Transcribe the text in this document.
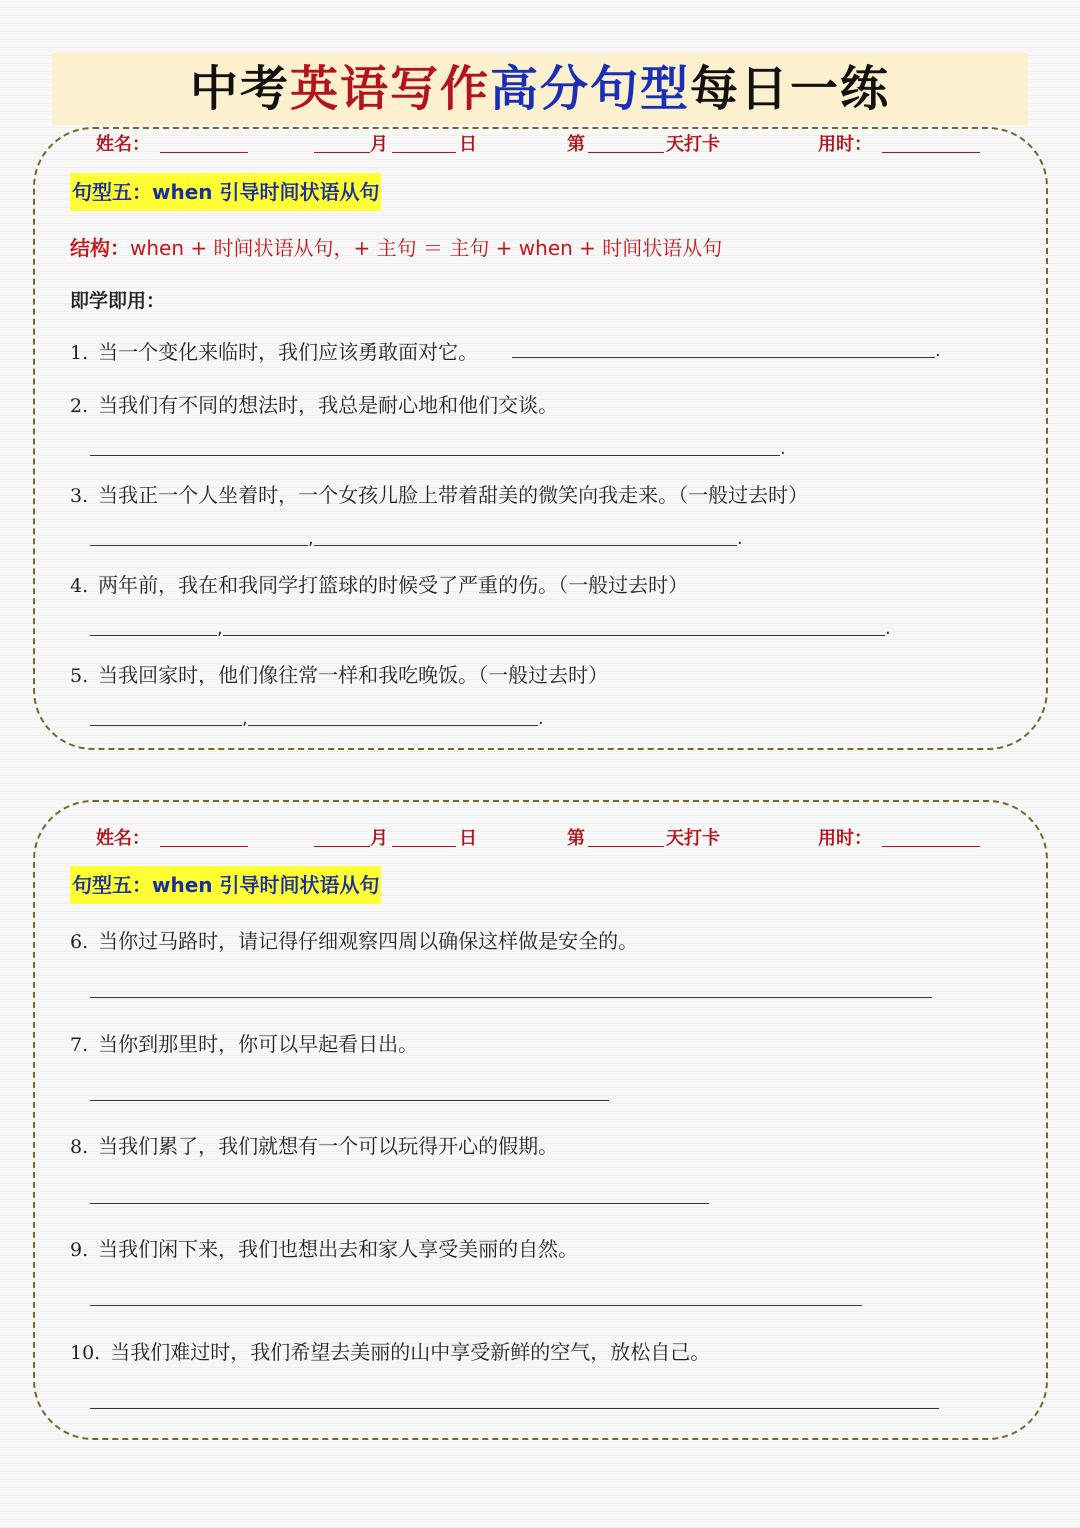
中考英语写作高分句型每日一练
姓名：	月	日	第	天打卡	用时：
句型五：when 引导时间状语从句
结构：when + 时间状语从句，+ 主句 ＝ 主句 + when + 时间状语从句
即学即用：
1. 当一个变化来临时，我们应该勇敢面对它。	.
2. 当我们有不同的想法时，我总是耐心地和他们交谈。
.
3. 当我正一个人坐着时，一个女孩儿脸上带着甜美的微笑向我走来。（一般过去时）
,	.
4. 两年前，我在和我同学打篮球的时候受了严重的伤。（一般过去时）
,	.
5. 当我回家时，他们像往常一样和我吃晚饭。（一般过去时）
,	.
姓名：	月	日	第	天打卡	用时：
句型五：when 引导时间状语从句
6. 当你过马路时，请记得仔细观察四周以确保这样做是安全的。
7. 当你到那里时，你可以早起看日出。
8. 当我们累了，我们就想有一个可以玩得开心的假期。
9. 当我们闲下来，我们也想出去和家人享受美丽的自然。
10. 当我们难过时，我们希望去美丽的山中享受新鲜的空气，放松自己。
